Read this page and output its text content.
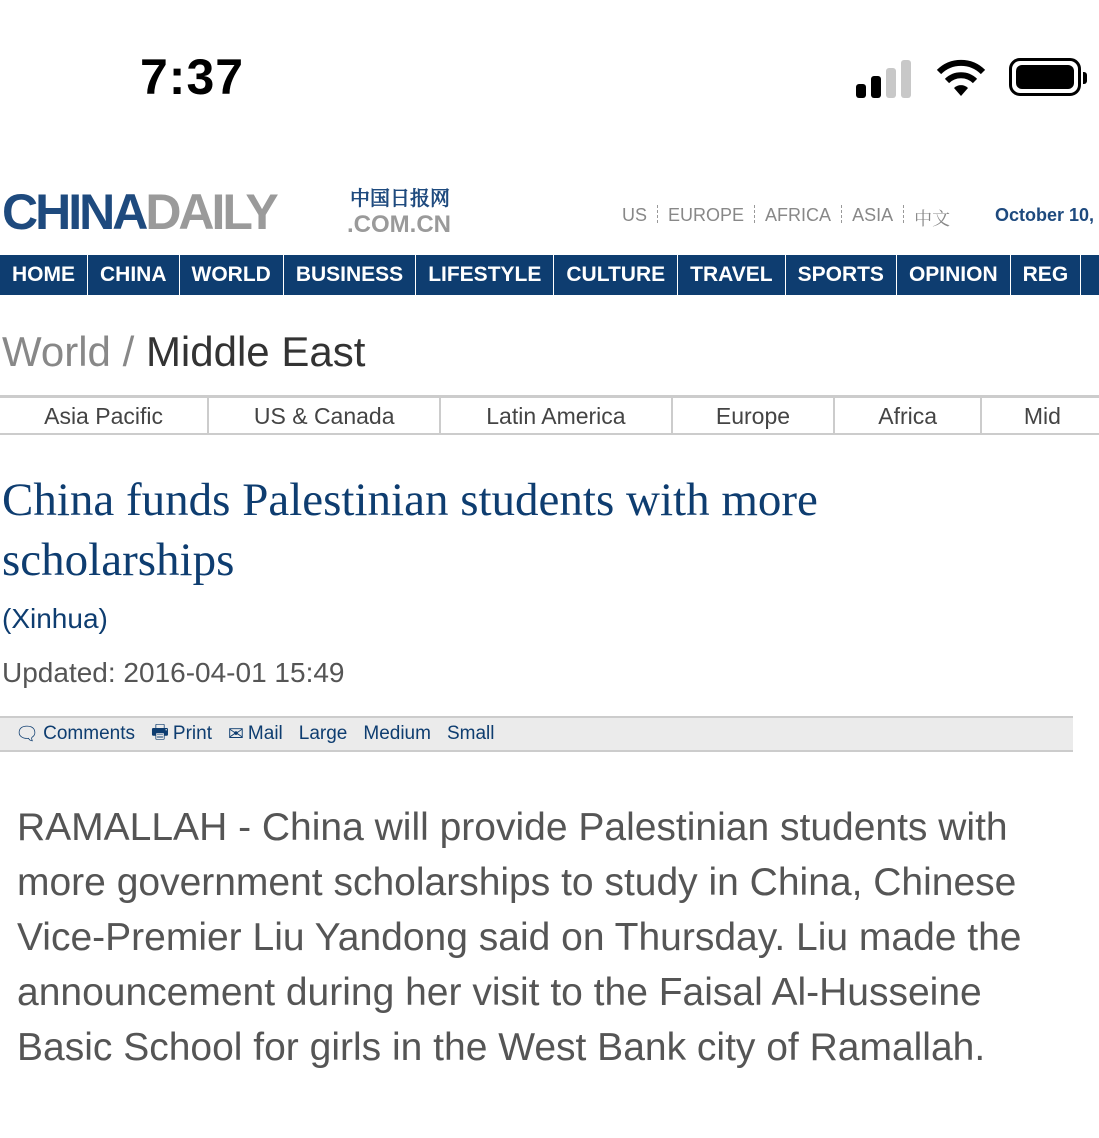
7:37
CHINADAILY	中国日报网
.COM.CN	US EUROPE AFRICA ASIA 中文 October 10,
HOME	CHINA	WORLD	BUSINESS	LIFESTYLE	CULTURE	TRAVEL	SPORTS	OPINION	REG
World / Middle East
Asia Pacific	US & Canada	Latin America	Europe	Africa	Mid
China funds Palestinian students with more scholarships
(Xinhua)
Updated: 2016-04-01 15:49
🗨 Comments 🖶 Print ✉ Mail Large Medium Small

RAMALLAH - China will provide Palestinian students with more government scholarships to study in China, Chinese Vice-Premier Liu Yandong said on Thursday. Liu made the announcement during her visit to the Faisal Al-Husseine Basic School for girls in the West Bank city of Ramallah.
